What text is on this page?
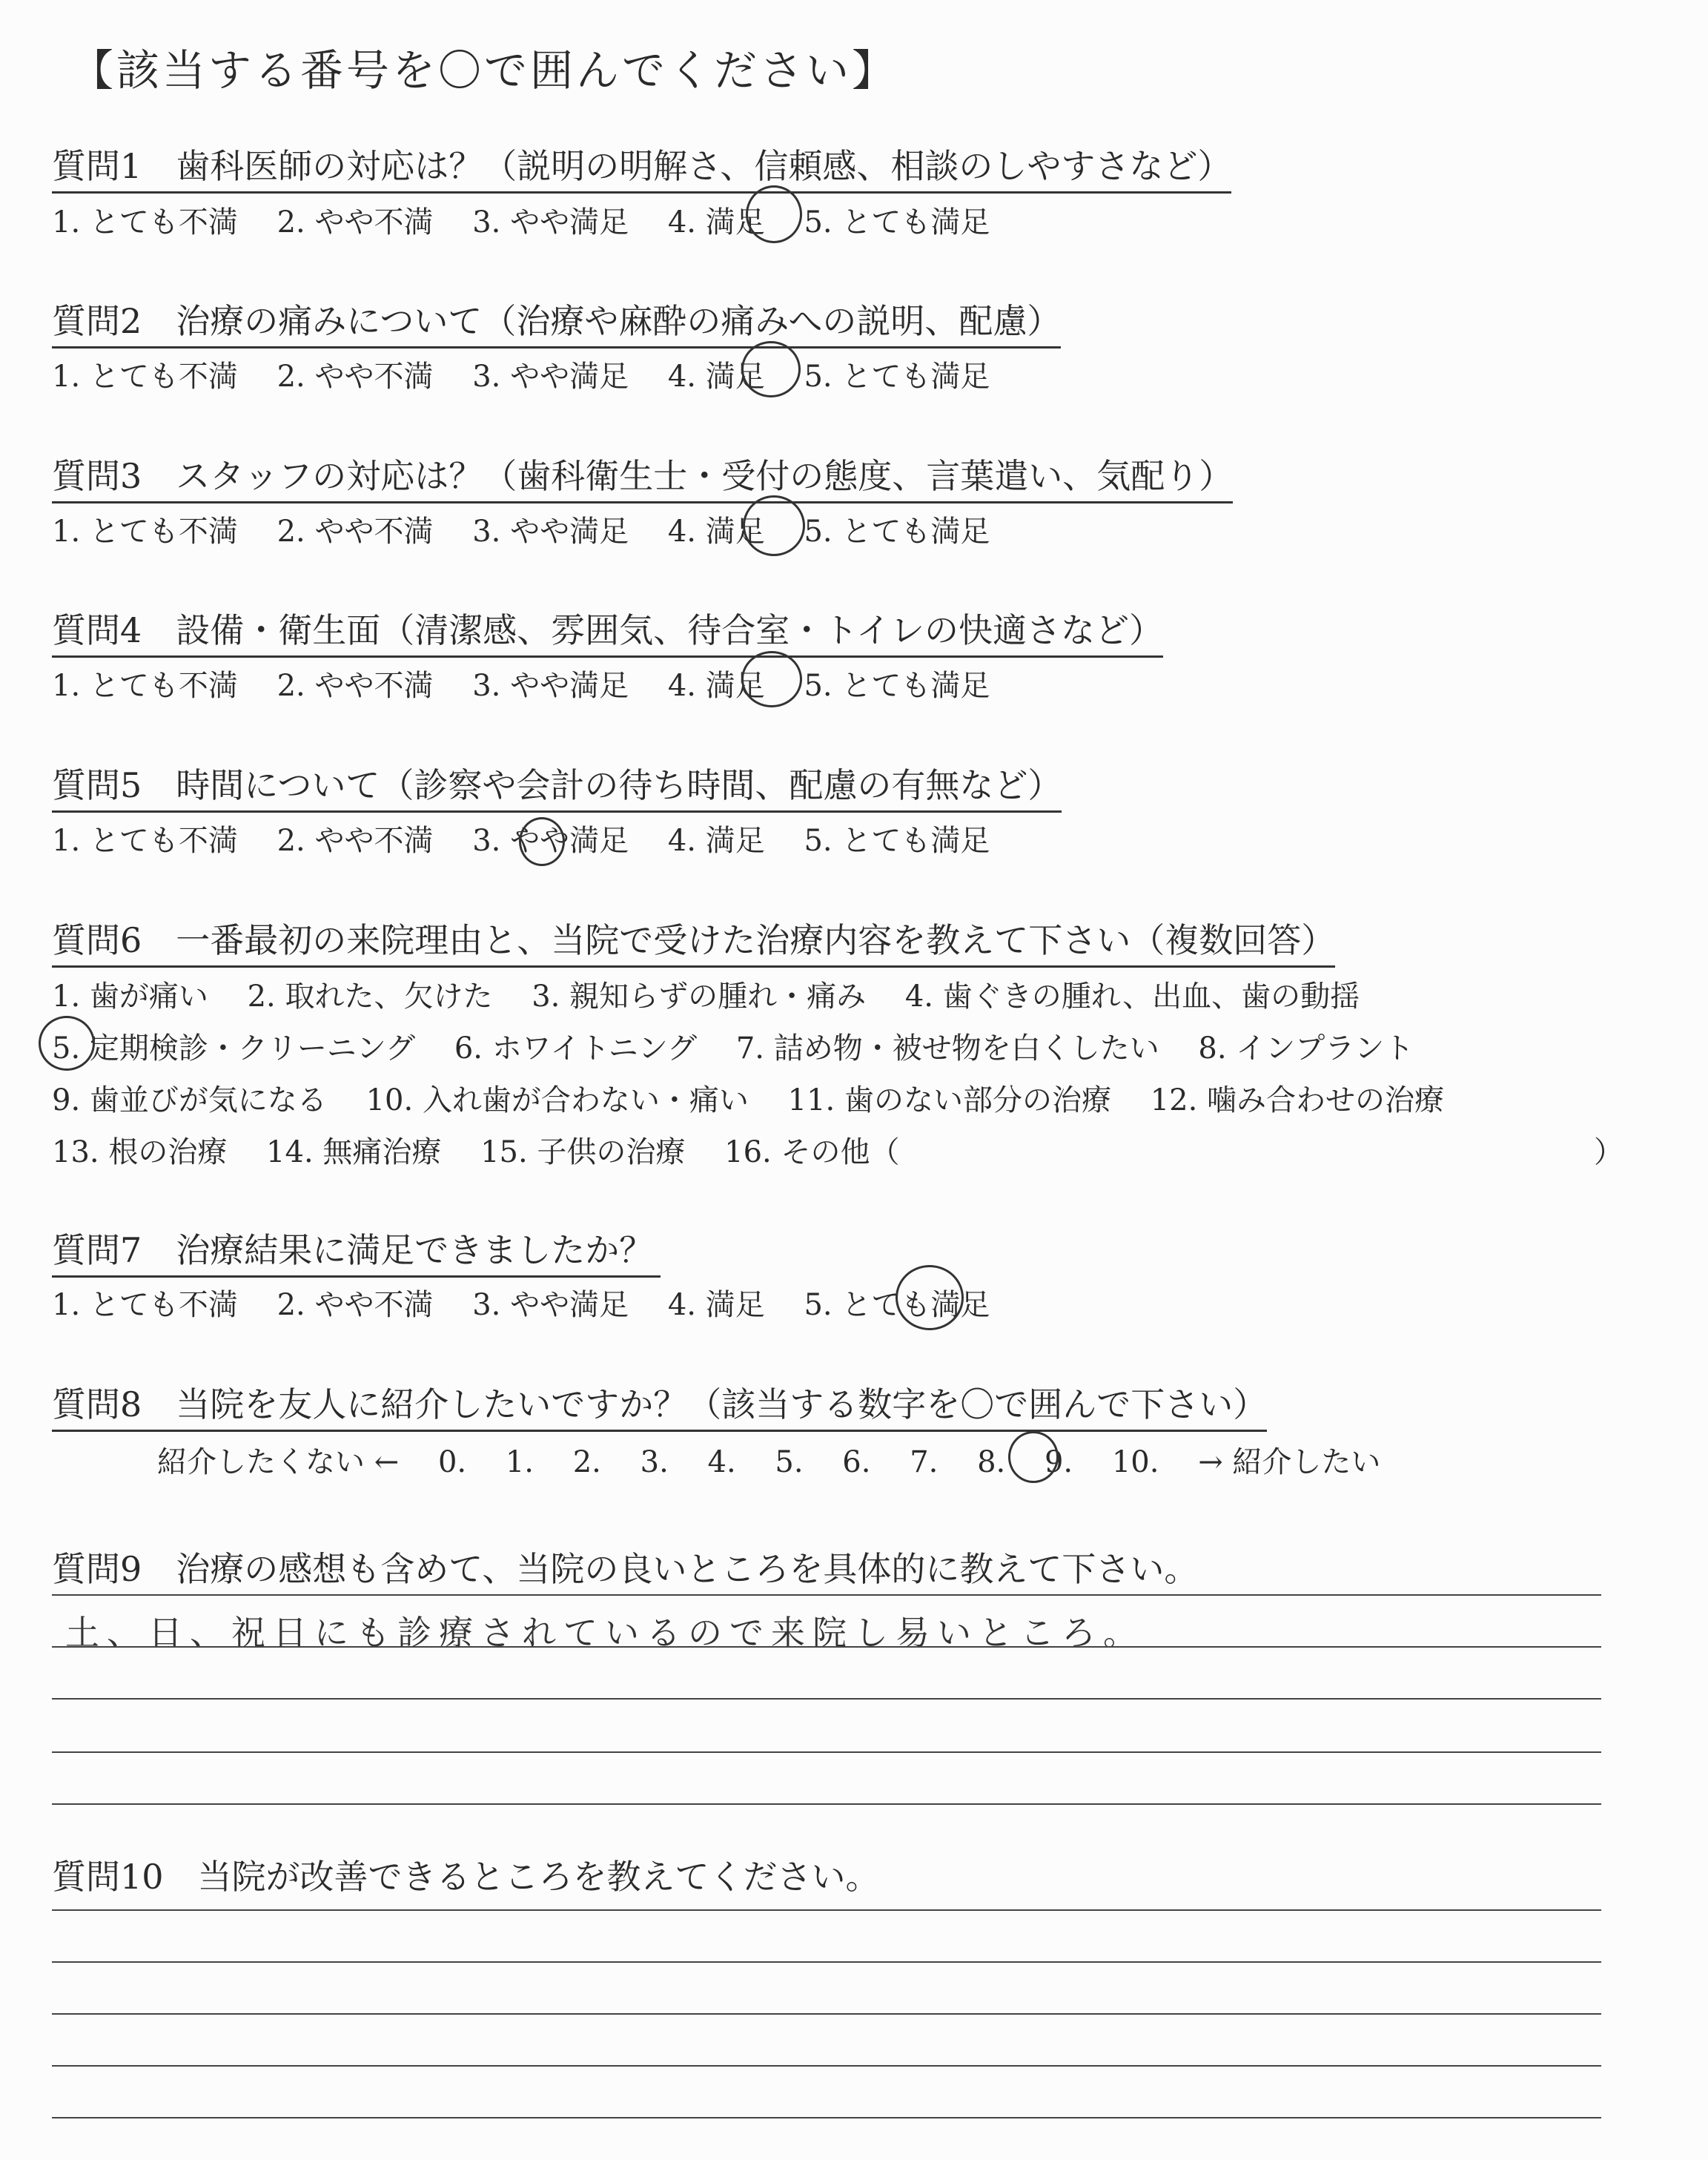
【該当する番号を〇で囲んでください】
質問1　歯科医師の対応は？（説明の明解さ、信頼感、相談のしやすさなど）
1. とても不満  2. やや不満  3. やや満足  4. 満足  5. とても満足
質問2　治療の痛みについて（治療や麻酔の痛みへの説明、配慮）
1. とても不満  2. やや不満  3. やや満足  4. 満足  5. とても満足
質問3　スタッフの対応は？（歯科衛生士・受付の態度、言葉遣い、気配り）
1. とても不満  2. やや不満  3. やや満足  4. 満足  5. とても満足
質問4　設備・衛生面（清潔感、雰囲気、待合室・トイレの快適さなど）
1. とても不満  2. やや不満  3. やや満足  4. 満足  5. とても満足
質問5　時間について（診察や会計の待ち時間、配慮の有無など）
1. とても不満  2. やや不満  3. やや満足  4. 満足  5. とても満足
質問6　一番最初の来院理由と、当院で受けた治療内容を教えて下さい（複数回答）
1. 歯が痛い  2. 取れた、欠けた  3. 親知らずの腫れ・痛み  4. 歯ぐきの腫れ、出血、歯の動揺
5. 定期検診・クリーニング  6. ホワイトニング  7. 詰め物・被せ物を白くしたい  8. インプラント
9. 歯並びが気になる  10. 入れ歯が合わない・痛い  11. 歯のない部分の治療  12. 噛み合わせの治療
13. 根の治療  14. 無痛治療  15. 子供の治療  16. その他（	）
質問7　治療結果に満足できましたか？
1. とても不満  2. やや不満  3. やや満足  4. 満足  5. とても満足
質問8　当院を友人に紹介したいですか？（該当する数字を〇で囲んで下さい）
紹介したくない ←  0.  1.  2.  3.  4.  5.  6.  7.  8.  9.  10.  → 紹介したい
質問9　治療の感想も含めて、当院の良いところを具体的に教えて下さい。
土、日、祝日にも診療されているので来院し易いところ。
質問10　当院が改善できるところを教えてください。
